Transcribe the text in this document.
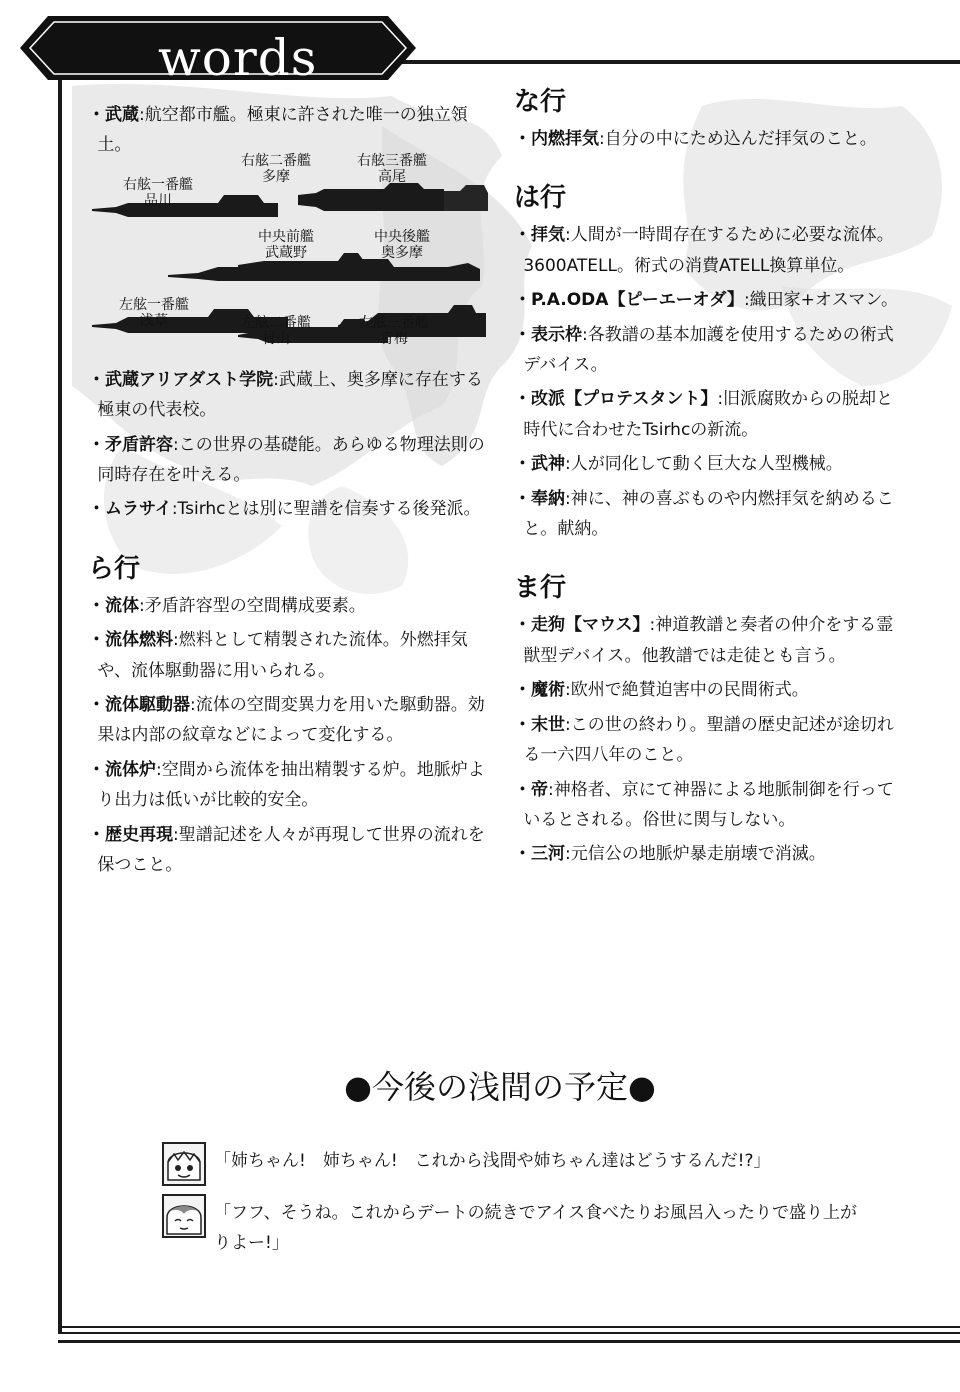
words

・武蔵:航空都市艦。極東に許された唯一の独立領土。

右舷一番艦
品川
右舷二番艦
多摩
右舷三番艦
高尾
中央前艦
武蔵野
中央後艦
奥多摩
左舷一番艦
浅草	左舷二番艦
村山
左舷三番艦
青梅

・武蔵アリアダスト学院:武蔵上、奥多摩に存在する極東の代表校。

・矛盾許容:この世界の基礎能。あらゆる物理法則の同時存在を叶える。

・ムラサイ:Tsirhcとは別に聖譜を信奏する後発派。

ら行

・流体:矛盾許容型の空間構成要素。

・流体燃料:燃料として精製された流体。外燃拝気や、流体駆動器に用いられる。

・流体駆動器:流体の空間変異力を用いた駆動器。効果は内部の紋章などによって変化する。

・流体炉:空間から流体を抽出精製する炉。地脈炉より出力は低いが比較的安全。

・歴史再現:聖譜記述を人々が再現して世界の流れを保つこと。

な行

・内燃拝気:自分の中にため込んだ拝気のこと。

は行

・拝気:人間が一時間存在するために必要な流体。3600ATELL。術式の消費ATELL換算単位。

・P.A.ODA【ピーエーオダ】:織田家+オスマン。

・表示枠:各教譜の基本加護を使用するための術式デバイス。

・改派【プロテスタント】:旧派腐敗からの脱却と時代に合わせたTsirhcの新流。

・武神:人が同化して動く巨大な人型機械。

・奉納:神に、神の喜ぶものや内燃拝気を納めること。献納。

ま行

・走狗【マウス】:神道教譜と奏者の仲介をする霊獣型デバイス。他教譜では走徒とも言う。

・魔術:欧州で絶賛迫害中の民間術式。

・末世:この世の終わり。聖譜の歴史記述が途切れる一六四八年のこと。

・帝:神格者、京にて神器による地脈制御を行っているとされる。俗世に関与しない。

・三河:元信公の地脈炉暴走崩壊で消滅。

●今後の浅間の予定●
「姉ちゃん!　姉ちゃん!　これから浅間や姉ちゃん達はどうするんだ!?」
「フフ、そうね。これからデートの続きでアイス食べたりお風呂入ったりで盛り上がりよー!」
